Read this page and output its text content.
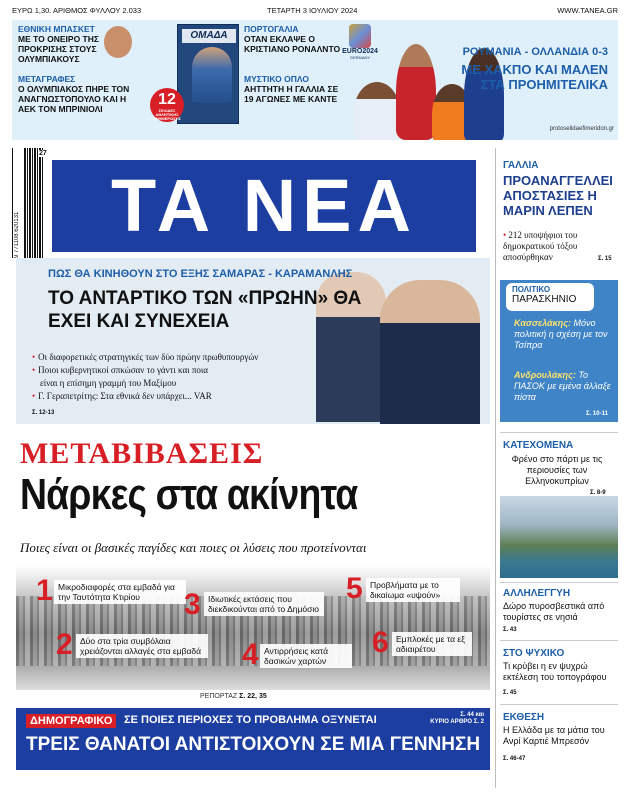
ΕΥΡΩ 1,30. ΑΡΙΘΜΟΣ ΦΥΛΛΟΥ 2.033	ΤΕΤΑΡΤΗ 3 ΙΟΥΛΙΟΥ 2024	WWW.TANEA.GR
ΕΘΝΙΚΗ ΜΠΑΣΚΕΤ
ΜΕ ΤΟ ΟΝΕΙΡΟ ΤΗΣ ΠΡΟΚΡΙΣΗΣ ΣΤΟΥΣ ΟΛΥΜΠΙΑΚΟΥΣ
ΜΕΤΑΓΡΑΦΕΣ
Ο ΟΛΥΜΠΙΑΚΟΣ ΠΗΡΕ ΤΟΝ ΑΝΑΓΝΩΣΤΟΠΟΥΛΟ ΚΑΙ Η ΑΕΚ ΤΟΝ ΜΠΡΙΝΙΟΛΙ
ΟΜΑΔΑ
12
ΣΕΛΙΔΕΣ ΑΘΛΗΤΙΚΗΣ ΕΝΗΜΕΡΩΣΗΣ
ΠΟΡΤΟΓΑΛΙΑ
ΟΤΑΝ ΕΚΛΑΨΕ Ο ΚΡΙΣΤΙΑΝΟ ΡΟΝΑΛΝΤΟ
ΜΥΣΤΙΚΟ ΟΠΛΟ
ΑΗΤΤΗΤΗ Η ΓΑΛΛΙΑ ΣΕ 19 ΑΓΩΝΕΣ ΜΕ ΚΑΝΤΕ
EURO2024
GERMANY	ΡΟΥΜΑΝΙΑ - ΟΛΛΑΝΔΙΑ 0-3
ΜΕ ΧΑΚΠΟ ΚΑΙ ΜΑΛΕΝ ΣΤΑ ΠΡΟΗΜΙΤΕΛΙΚΑ
protoselidaefimeridon.gr
9 771108 620131
27
ΤΑ ΝΕΑ	ΓΑΛΛΙΑ
ΠΡΟΑΝΑΓΓΕΛΛΕΙ ΑΠΟΣΤΑΣΙΕΣ Η ΜΑΡΙΝ ΛΕΠΕΝ
• 212 υποψήφιοι του δημοκρατικού τόξου αποσύρθηκαν	Σ. 15
ΠΟΛΙΤΙΚΟ
ΠΑΡΑΣΚΗΝΙΟ
Κασσελάκης: Μόνο πολιτική η σχέση με τον Τσίπρα
Ανδρουλάκης: Το ΠΑΣΟΚ με εμένα άλλαξε πίστα
Σ. 10-11
ΚΑΤΕΧΟΜΕΝΑ
Φρένο στο πάρτι με τις περιουσίες των Ελληνοκυπρίων
Σ. 8-9
ΑΛΛΗΛΕΓΓΥΗ
Δώρο πυροσβεστικά από τουρίστες σε νησιά
Σ. 43
ΣΤΟ ΨΥΧΙΚΟ
Τι κρύβει η εν ψυχρώ εκτέλεση του τοπογράφου
Σ. 45
ΕΚΘΕΣΗ
Η Ελλάδα με τα μάτια του Ανρί Καρτιέ Μπρεσόν
Σ. 46-47
ΠΩΣ ΘΑ ΚΙΝΗΘΟΥΝ ΣΤΟ ΕΞΗΣ ΣΑΜΑΡΑΣ - ΚΑΡΑΜΑΝΛΗΣ
ΤΟ ΑΝΤΑΡΤΙΚΟ ΤΩΝ «ΠΡΩΗΝ» ΘΑ ΕΧΕΙ ΚΑΙ ΣΥΝΕΧΕΙΑ
• Οι διαφορετικές στρατηγικές των δύο πρώην πρωθυπουργών
• Ποιοι κυβερνητικοί σπκώσαν το γάντι και ποια
είναι η επίσημη γραμμή του Μαξίμου
• Γ. Γεραπετρίτης: Στα εθνικά δεν υπάρχει... VAR
Σ. 12-13
ΜΕΤΑΒΙΒΑΣΕΙΣ
Νάρκες στα ακίνητα
Ποιες είναι οι βασικές παγίδες και ποιες οι λύσεις που προτείνονται
1 Μικροδιαφορές στα εμβαδά για την Ταυτότητα Κτιρίου
2 Δύο στα τρία συμβόλαια χρειάζονται αλλαγές στα εμβαδά
3 Ιδιωτικές εκτάσεις που διεκδικούνται από το Δημόσιο
4 Αντιρρήσεις κατά δασικών χαρτών
5 Προβλήματα με το δικαίωμα «υψούν»
6 Εμπλοκές με τα εξ αδιαιρέτου
ΡΕΠΟΡΤΑΖ Σ. 22, 35
ΔΗΜΟΓΡΑΦΙΚΟ	ΣΕ ΠΟΙΕΣ ΠΕΡΙΟΧΕΣ ΤΟ ΠΡΟΒΛΗΜΑ ΟΞΥΝΕΤΑΙ	Σ. 44 και
ΚΥΡΙΟ ΑΡΘΡΟ Σ. 2
ΤΡΕΙΣ ΘΑΝΑΤΟΙ ΑΝΤΙΣΤΟΙΧΟΥΝ ΣΕ ΜΙΑ ΓΕΝΝΗΣΗ
